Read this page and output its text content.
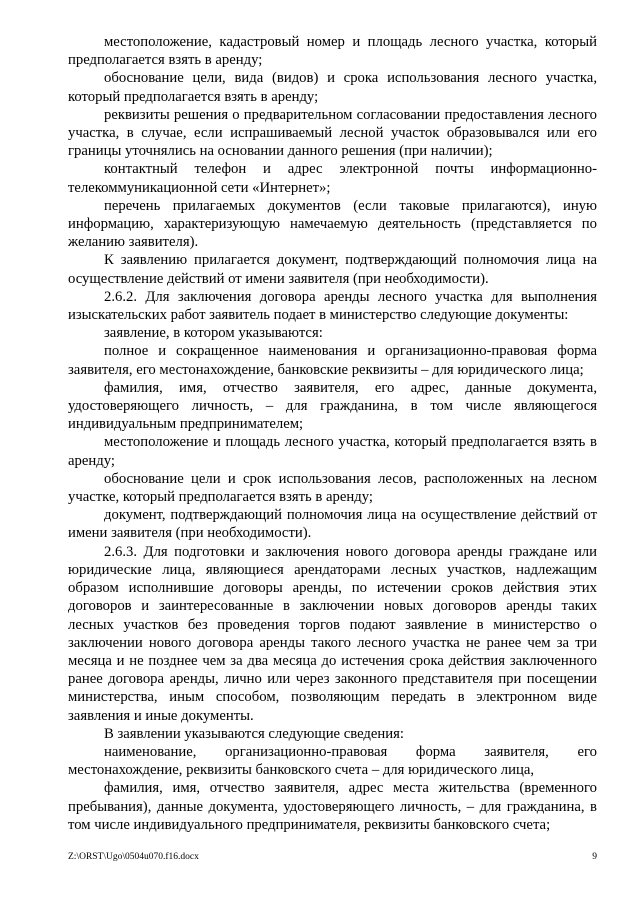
местоположение, кадастровый номер и площадь лесного участка, который предполагается взять в аренду;

обоснование цели, вида (видов) и срока использования лесного участка, который предполагается взять в аренду;

реквизиты решения о предварительном согласовании предоставления лесного участка, в случае, если испрашиваемый лесной участок образовывался или его границы уточнялись на основании данного решения (при наличии);

контактный телефон и адрес электронной почты информационно-телекоммуникационной сети «Интернет»;

перечень прилагаемых документов (если таковые прилагаются), иную информацию, характеризующую намечаемую деятельность (представляется по желанию заявителя).

К заявлению прилагается документ, подтверждающий полномочия лица на осуществление действий от имени заявителя (при необходимости).

2.6.2. Для заключения договора аренды лесного участка для выполнения изыскательских работ заявитель подает в министерство следующие документы:

заявление, в котором указываются:

полное и сокращенное наименования и организационно-правовая форма заявителя, его местонахождение, банковские реквизиты – для юридического лица;

фамилия, имя, отчество заявителя, его адрес, данные документа, удостоверяющего личность, – для гражданина, в том числе являющегося индивидуальным предпринимателем;

местоположение и площадь лесного участка, который предполагается взять в аренду;

обоснование цели и срок использования лесов, расположенных на лесном участке, который предполагается взять в аренду;

документ, подтверждающий полномочия лица на осуществление действий от имени заявителя (при необходимости).

2.6.3. Для подготовки и заключения нового договора аренды граждане или юридические лица, являющиеся арендаторами лесных участков, надлежащим образом исполнившие договоры аренды, по истечении сроков действия этих договоров и заинтересованные в заключении новых договоров аренды таких лесных участков без проведения торгов подают заявление в министерство о заключении нового договора аренды такого лесного участка не ранее чем за три месяца и не позднее чем за два месяца до истечения срока действия заключенного ранее договора аренды, лично или через законного представителя при посещении министерства, иным способом, позволяющим передать в электронном виде заявления и иные документы.

В заявлении указываются следующие сведения:

наименование, организационно-правовая форма заявителя, его местонахождение, реквизиты банковского счета – для юридического лица,

фамилия, имя, отчество заявителя, адрес места жительства (временного пребывания), данные документа, удостоверяющего личность, – для гражданина, в том числе индивидуального предпринимателя, реквизиты банковского счета;

Z:\ORST\Ugo\0504u070.f16.docx	9
